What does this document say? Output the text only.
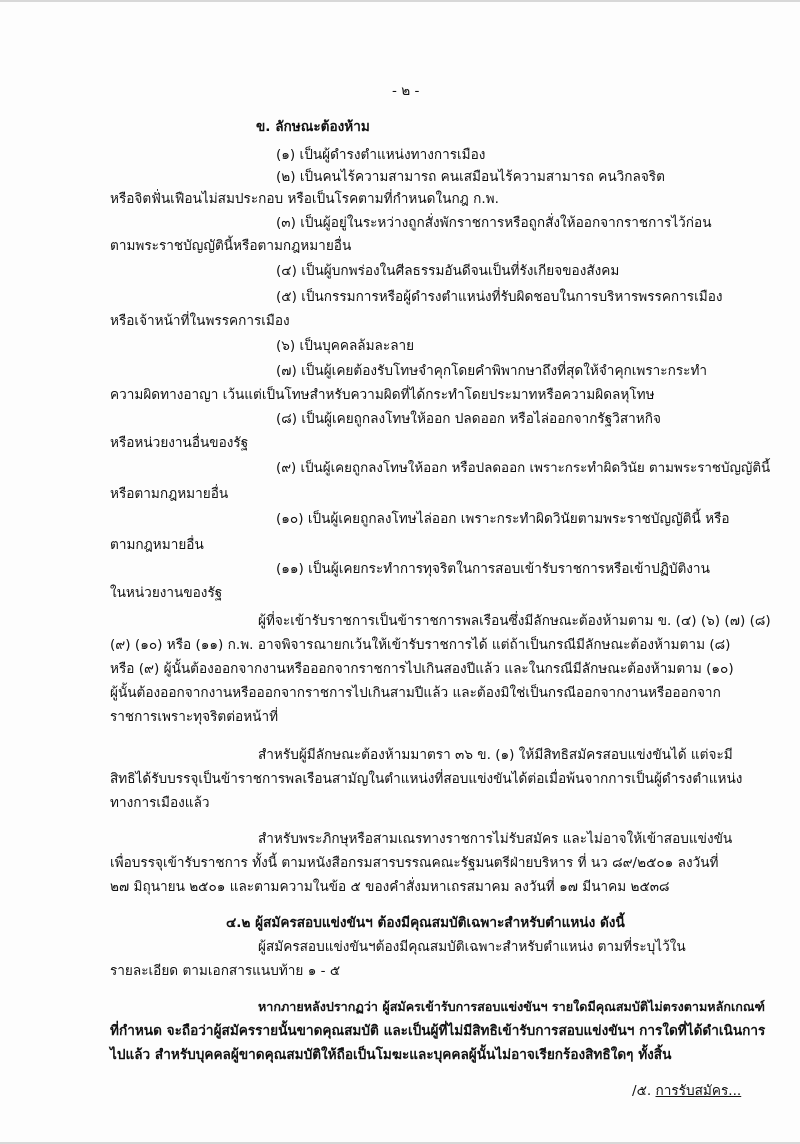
- ๒ -
ข. ลักษณะต้องห้าม
(๑) เป็นผู้ดำรงตำแหน่งทางการเมือง
(๒) เป็นคนไร้ความสามารถ คนเสมือนไร้ความสามารถ คนวิกลจริต
หรือจิตฟั่นเฟือนไม่สมประกอบ หรือเป็นโรคตามที่กำหนดในกฎ ก.พ.
(๓) เป็นผู้อยู่ในระหว่างถูกสั่งพักราชการหรือถูกสั่งให้ออกจากราชการไว้ก่อน
ตามพระราชบัญญัตินี้หรือตามกฎหมายอื่น
(๔) เป็นผู้บกพร่องในศีลธรรมอันดีจนเป็นที่รังเกียจของสังคม
(๕) เป็นกรรมการหรือผู้ดำรงตำแหน่งที่รับผิดชอบในการบริหารพรรคการเมือง
หรือเจ้าหน้าที่ในพรรคการเมือง
(๖) เป็นบุคคลล้มละลาย
(๗) เป็นผู้เคยต้องรับโทษจำคุกโดยคำพิพากษาถึงที่สุดให้จำคุกเพราะกระทำ
ความผิดทางอาญา เว้นแต่เป็นโทษสำหรับความผิดที่ได้กระทำโดยประมาทหรือความผิดลหุโทษ
(๘) เป็นผู้เคยถูกลงโทษให้ออก ปลดออก หรือไล่ออกจากรัฐวิสาหกิจ
หรือหน่วยงานอื่นของรัฐ
(๙) เป็นผู้เคยถูกลงโทษให้ออก หรือปลดออก เพราะกระทำผิดวินัย ตามพระราชบัญญัตินี้
หรือตามกฎหมายอื่น
(๑๐) เป็นผู้เคยถูกลงโทษไล่ออก เพราะกระทำผิดวินัยตามพระราชบัญญัตินี้ หรือ
ตามกฎหมายอื่น
(๑๑) เป็นผู้เคยกระทำการทุจริตในการสอบเข้ารับราชการหรือเข้าปฏิบัติงาน
ในหน่วยงานของรัฐ
ผู้ที่จะเข้ารับราชการเป็นข้าราชการพลเรือนซึ่งมีลักษณะต้องห้ามตาม ข. (๔) (๖) (๗) (๘)
(๙) (๑๐) หรือ (๑๑) ก.พ. อาจพิจารณายกเว้นให้เข้ารับราชการได้ แต่ถ้าเป็นกรณีมีลักษณะต้องห้ามตาม (๘)
หรือ (๙) ผู้นั้นต้องออกจากงานหรือออกจากราชการไปเกินสองปีแล้ว และในกรณีมีลักษณะต้องห้ามตาม (๑๐)
ผู้นั้นต้องออกจากงานหรือออกจากราชการไปเกินสามปีแล้ว และต้องมิใช่เป็นกรณีออกจากงานหรือออกจาก
ราชการเพราะทุจริตต่อหน้าที่
สำหรับผู้มีลักษณะต้องห้ามมาตรา ๓๖ ข. (๑) ให้มีสิทธิสมัครสอบแข่งขันได้ แต่จะมี
สิทธิได้รับบรรจุเป็นข้าราชการพลเรือนสามัญในตำแหน่งที่สอบแข่งขันได้ต่อเมื่อพ้นจากการเป็นผู้ดำรงตำแหน่ง
ทางการเมืองแล้ว
สำหรับพระภิกษุหรือสามเณรทางราชการไม่รับสมัคร และไม่อาจให้เข้าสอบแข่งขัน
เพื่อบรรจุเข้ารับราชการ ทั้งนี้ ตามหนังสือกรมสารบรรณคณะรัฐมนตรีฝ่ายบริหาร ที่ นว ๘๙/๒๕๐๑ ลงวันที่
๒๗ มิถุนายน ๒๕๐๑ และตามความในข้อ ๕ ของคำสั่งมหาเถรสมาคม ลงวันที่ ๑๗ มีนาคม ๒๕๓๘
๔.๒ ผู้สมัครสอบแข่งขันฯ ต้องมีคุณสมบัติเฉพาะสำหรับตำแหน่ง ดังนี้
ผู้สมัครสอบแข่งขันฯต้องมีคุณสมบัติเฉพาะสำหรับตำแหน่ง ตามที่ระบุไว้ใน
รายละเอียด ตามเอกสารแนบท้าย ๑ - ๕
หากภายหลังปรากฏว่า ผู้สมัครเข้ารับการสอบแข่งขันฯ รายใดมีคุณสมบัติไม่ตรงตามหลักเกณฑ์
ที่กำหนด จะถือว่าผู้สมัครรายนั้นขาดคุณสมบัติ และเป็นผู้ที่ไม่มีสิทธิเข้ารับการสอบแข่งขันฯ การใดที่ได้ดำเนินการ
ไปแล้ว สำหรับบุคคลผู้ขาดคุณสมบัติให้ถือเป็นโมฆะและบุคคลผู้นั้นไม่อาจเรียกร้องสิทธิใดๆ ทั้งสิ้น
/๕. การรับสมัคร...
